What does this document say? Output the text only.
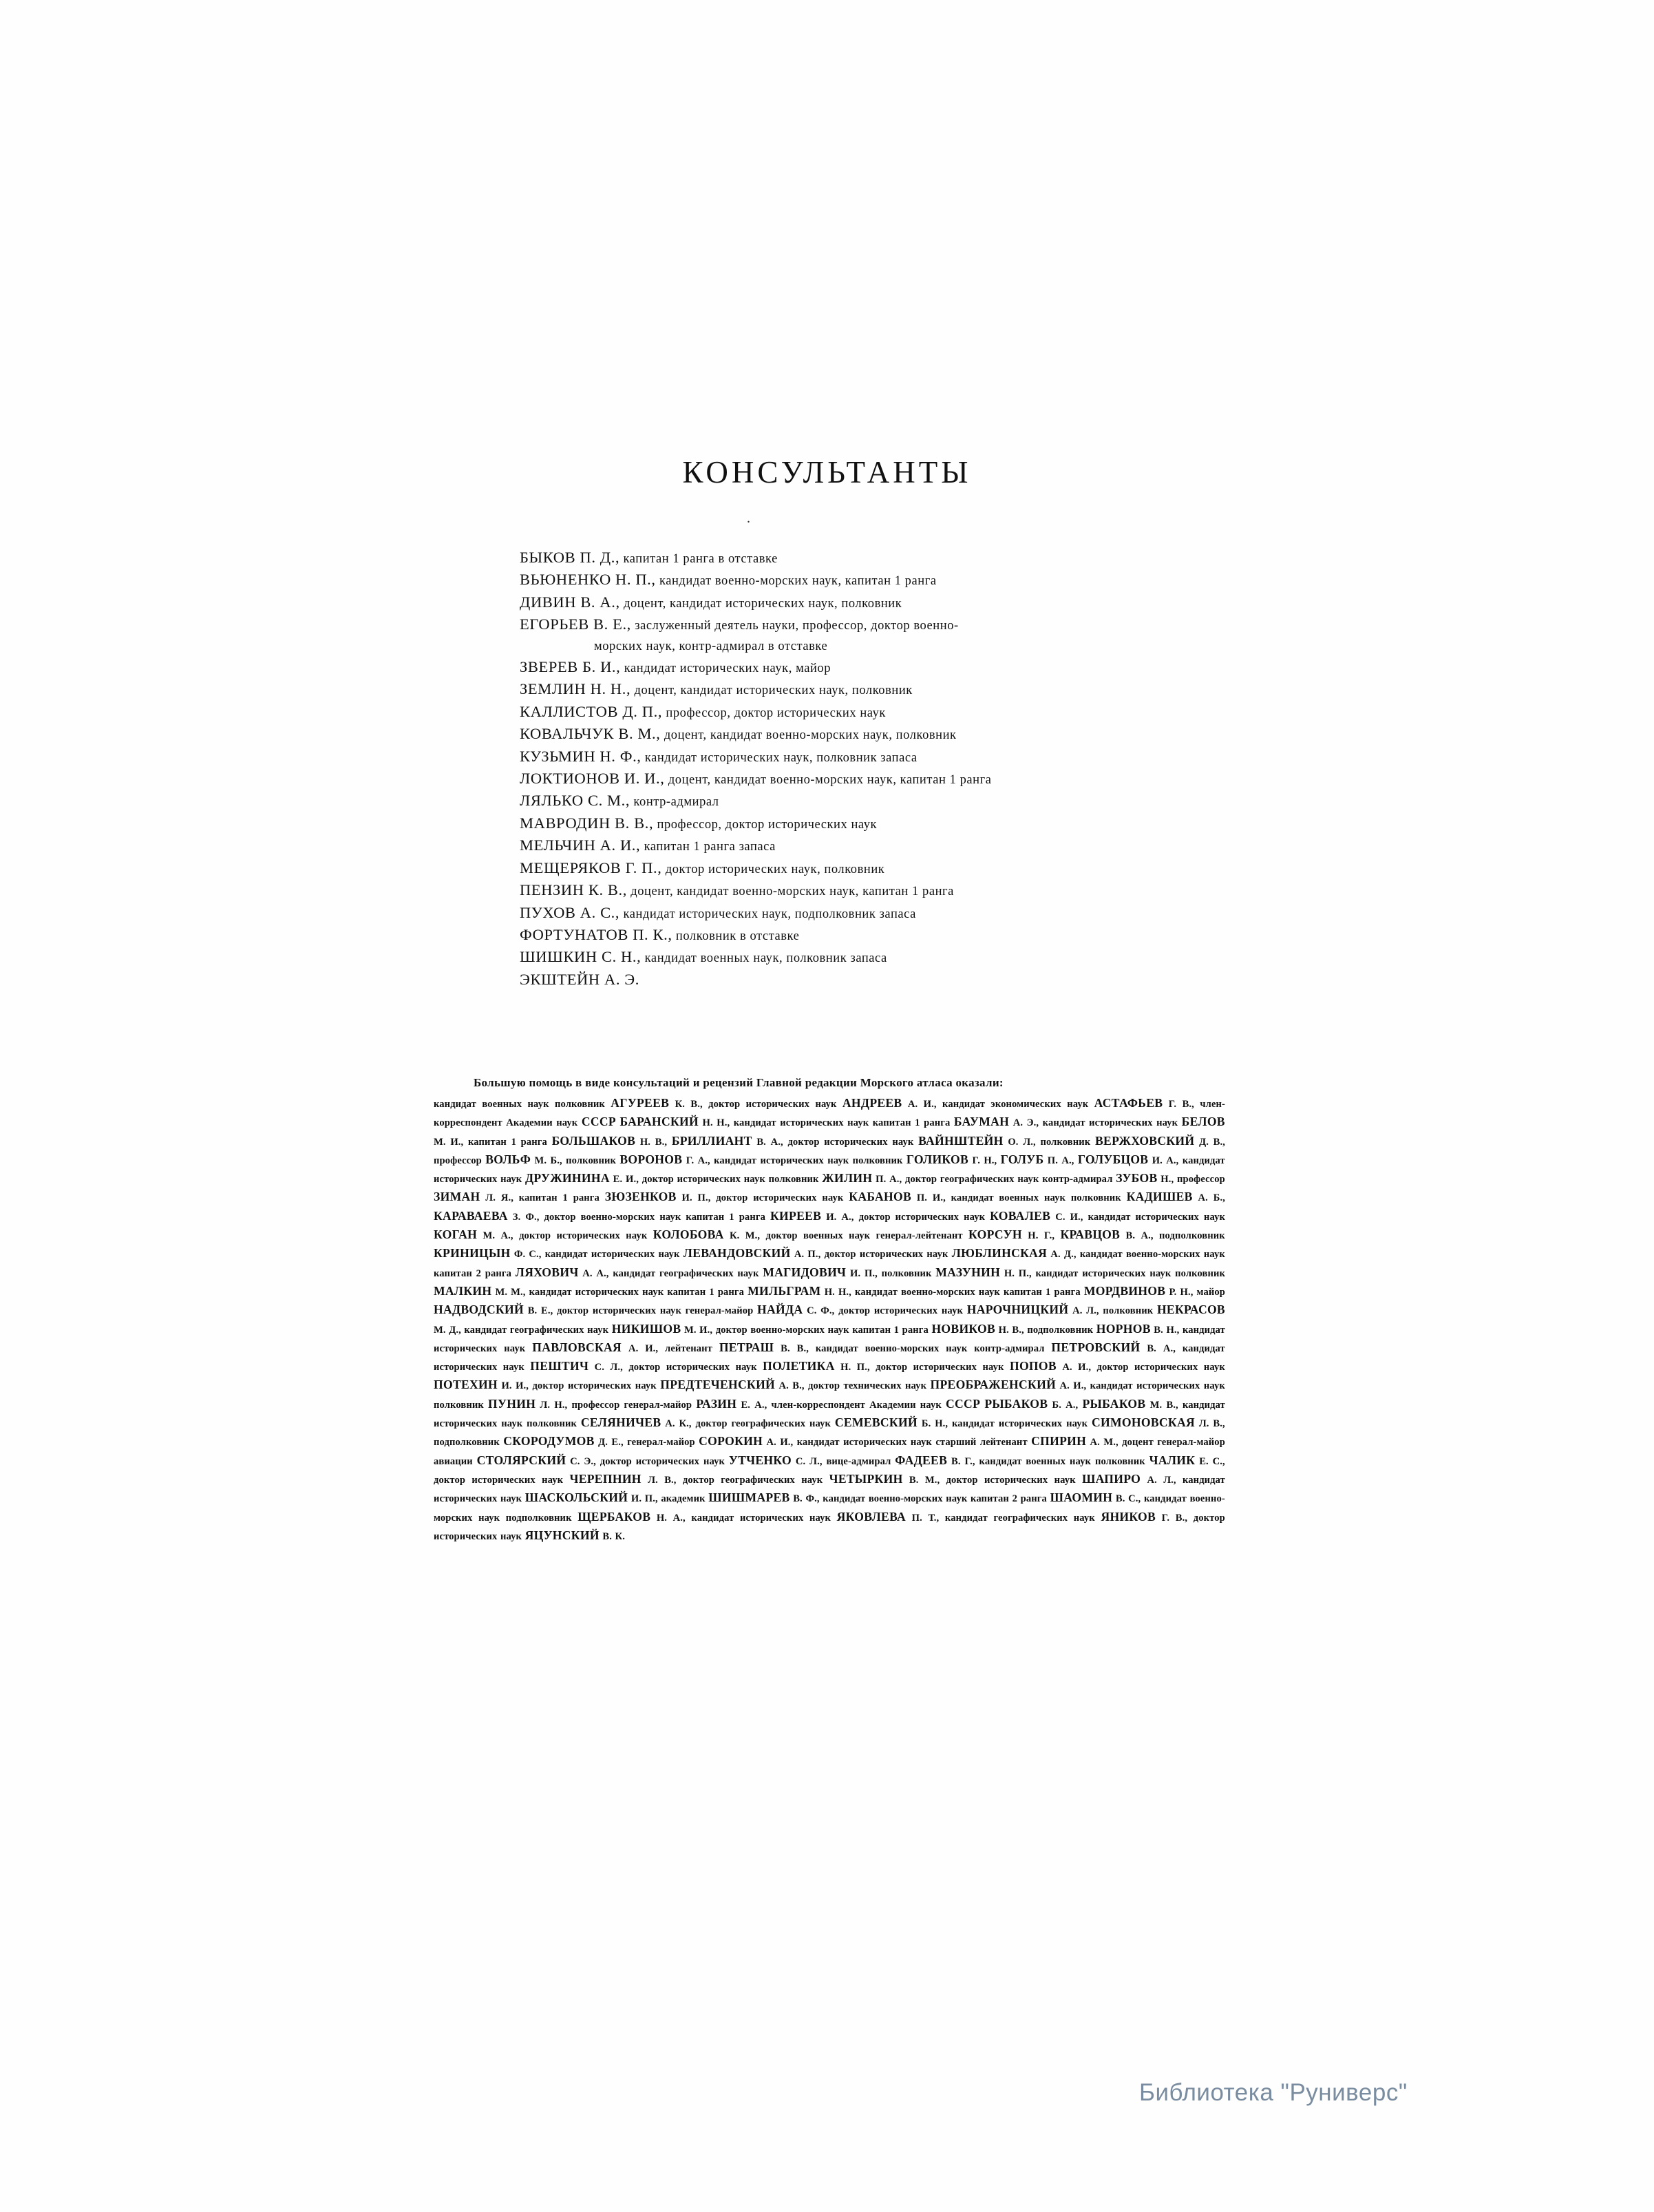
КОНСУЛЬТАНТЫ
.
БЫКОВ П. Д., капитан 1 ранга в отставке
ВЬЮНЕНКО Н. П., кандидат военно-морских наук, капитан 1 ранга
ДИВИН В. А., доцент, кандидат исторических наук, полковник
ЕГОРЬЕВ В. Е., заслуженный деятель науки, профессор, доктор военно-
морских наук, контр-адмирал в отставке
ЗВЕРЕВ Б. И., кандидат исторических наук, майор
ЗЕМЛИН Н. Н., доцент, кандидат исторических наук, полковник
КАЛЛИСТОВ Д. П., профессор, доктор исторических наук
КОВАЛЬЧУК В. М., доцент, кандидат военно-морских наук, полковник
КУЗЬМИН Н. Ф., кандидат исторических наук, полковник запаса
ЛОКТИОНОВ И. И., доцент, кандидат военно-морских наук, капитан 1 ранга
ЛЯЛЬКО С. М., контр-адмирал
МАВРОДИН В. В., профессор, доктор исторических наук
МЕЛЬЧИН А. И., капитан 1 ранга запаса
МЕЩЕРЯКОВ Г. П., доктор исторических наук, полковник
ПЕНЗИН К. В., доцент, кандидат военно-морских наук, капитан 1 ранга
ПУХОВ А. С., кандидат исторических наук, подполковник запаса
ФОРТУНАТОВ П. К., полковник в отставке
ШИШКИН С. Н., кандидат военных наук, полковник запаса
ЭКШТЕЙН А. Э.
Большую помощь в виде консультаций и рецензий Главной редакции Морского атласа оказали:
кандидат военных наук полковник АГУРЕЕВ К. В., доктор исторических наук АНДРЕЕВ А. И., кандидат экономических наук АСТАФЬЕВ Г. В., член-корреспондент Академии наук СССР БАРАНСКИЙ Н. Н., кандидат исторических наук капитан 1 ранга БАУМАН А. Э., кандидат исторических наук БЕЛОВ М. И., капитан 1 ранга БОЛЬШАКОВ Н. В., БРИЛЛИАНТ В. А., доктор исторических наук ВАЙНШТЕЙН О. Л., полковник ВЕРЖХОВСКИЙ Д. В., профессор ВОЛЬФ М. Б., полковник ВОРОНОВ Г. А., кандидат исторических наук полковник ГОЛИКОВ Г. Н., ГОЛУБ П. А., ГОЛУБЦОВ И. А., кандидат исторических наук ДРУЖИНИНА Е. И., доктор исторических наук полковник ЖИЛИН П. А., доктор географических наук контр-адмирал ЗУБОВ Н., профессор ЗИМАН Л. Я., капитан 1 ранга ЗЮЗЕНКОВ И. П., доктор исторических наук КАБАНОВ П. И., кандидат военных наук полковник КАДИШЕВ А. Б., КАРАВАЕВА З. Ф., доктор военно-морских наук капитан 1 ранга КИРЕЕВ И. А., доктор исторических наук КОВАЛЕВ С. И., кандидат исторических наук КОГАН М. А., доктор исторических наук КОЛОБОВА К. М., доктор военных наук генерал-лейтенант КОРСУН Н. Г., КРАВЦОВ В. А., подполковник КРИНИЦЫН Ф. С., кандидат исторических наук ЛЕВАНДОВСКИЙ А. П., доктор исторических наук ЛЮБЛИНСКАЯ А. Д., кандидат военно-морских наук капитан 2 ранга ЛЯХОВИЧ А. А., кандидат географических наук МАГИДОВИЧ И. П., полковник МАЗУНИН Н. П., кандидат исторических наук полковник МАЛКИН М. М., кандидат исторических наук капитан 1 ранга МИЛЬГРАМ Н. Н., кандидат военно-морских наук капитан 1 ранга МОРДВИНОВ Р. Н., майор НАДВОДСКИЙ В. Е., доктор исторических наук генерал-майор НАЙДА С. Ф., доктор исторических наук НАРОЧНИЦКИЙ А. Л., полковник НЕКРАСОВ М. Д., кандидат географических наук НИКИШОВ М. И., доктор военно-морских наук капитан 1 ранга НОВИКОВ Н. В., подполковник НОРНОВ В. Н., кандидат исторических наук ПАВЛОВСКАЯ А. И., лейтенант ПЕТРАШ В. В., кандидат военно-морских наук контр-адмирал ПЕТРОВСКИЙ В. А., кандидат исторических наук ПЕШТИЧ С. Л., доктор исторических наук ПОЛЕТИКА Н. П., доктор исторических наук ПОПОВ А. И., доктор исторических наук ПОТЕХИН И. И., доктор исторических наук ПРЕДТЕЧЕНСКИЙ А. В., доктор технических наук ПРЕОБРАЖЕНСКИЙ А. И., кандидат исторических наук полковник ПУНИН Л. Н., профессор генерал-майор РАЗИН Е. А., член-корреспондент Академии наук СССР РЫБАКОВ Б. А., РЫБАКОВ М. В., кандидат исторических наук полковник СЕЛЯНИЧЕВ А. К., доктор географических наук СЕМЕВСКИЙ Б. Н., кандидат исторических наук СИМОНОВСКАЯ Л. В., подполковник СКОРОДУМОВ Д. Е., генерал-майор СОРОКИН А. И., кандидат исторических наук старший лейтенант СПИРИН А. М., доцент генерал-майор авиации СТОЛЯРСКИЙ С. Э., доктор исторических наук УТЧЕНКО С. Л., вице-адмирал ФАДЕЕВ В. Г., кандидат военных наук полковник ЧАЛИК Е. С., доктор исторических наук ЧЕРЕПНИН Л. В., доктор географических наук ЧЕТЫРКИН В. М., доктор исторических наук ШАПИРО А. Л., кандидат исторических наук ШАСКОЛЬСКИЙ И. П., академик ШИШМАРЕВ В. Ф., кандидат военно-морских наук капитан 2 ранга ШАОМИН В. С., кандидат военно-морских наук подполковник ЩЕРБАКОВ Н. А., кандидат исторических наук ЯКОВЛЕВА П. Т., кандидат географических наук ЯНИКОВ Г. В., доктор исторических наук ЯЦУНСКИЙ В. К.
Библиотека "Руниверс"
